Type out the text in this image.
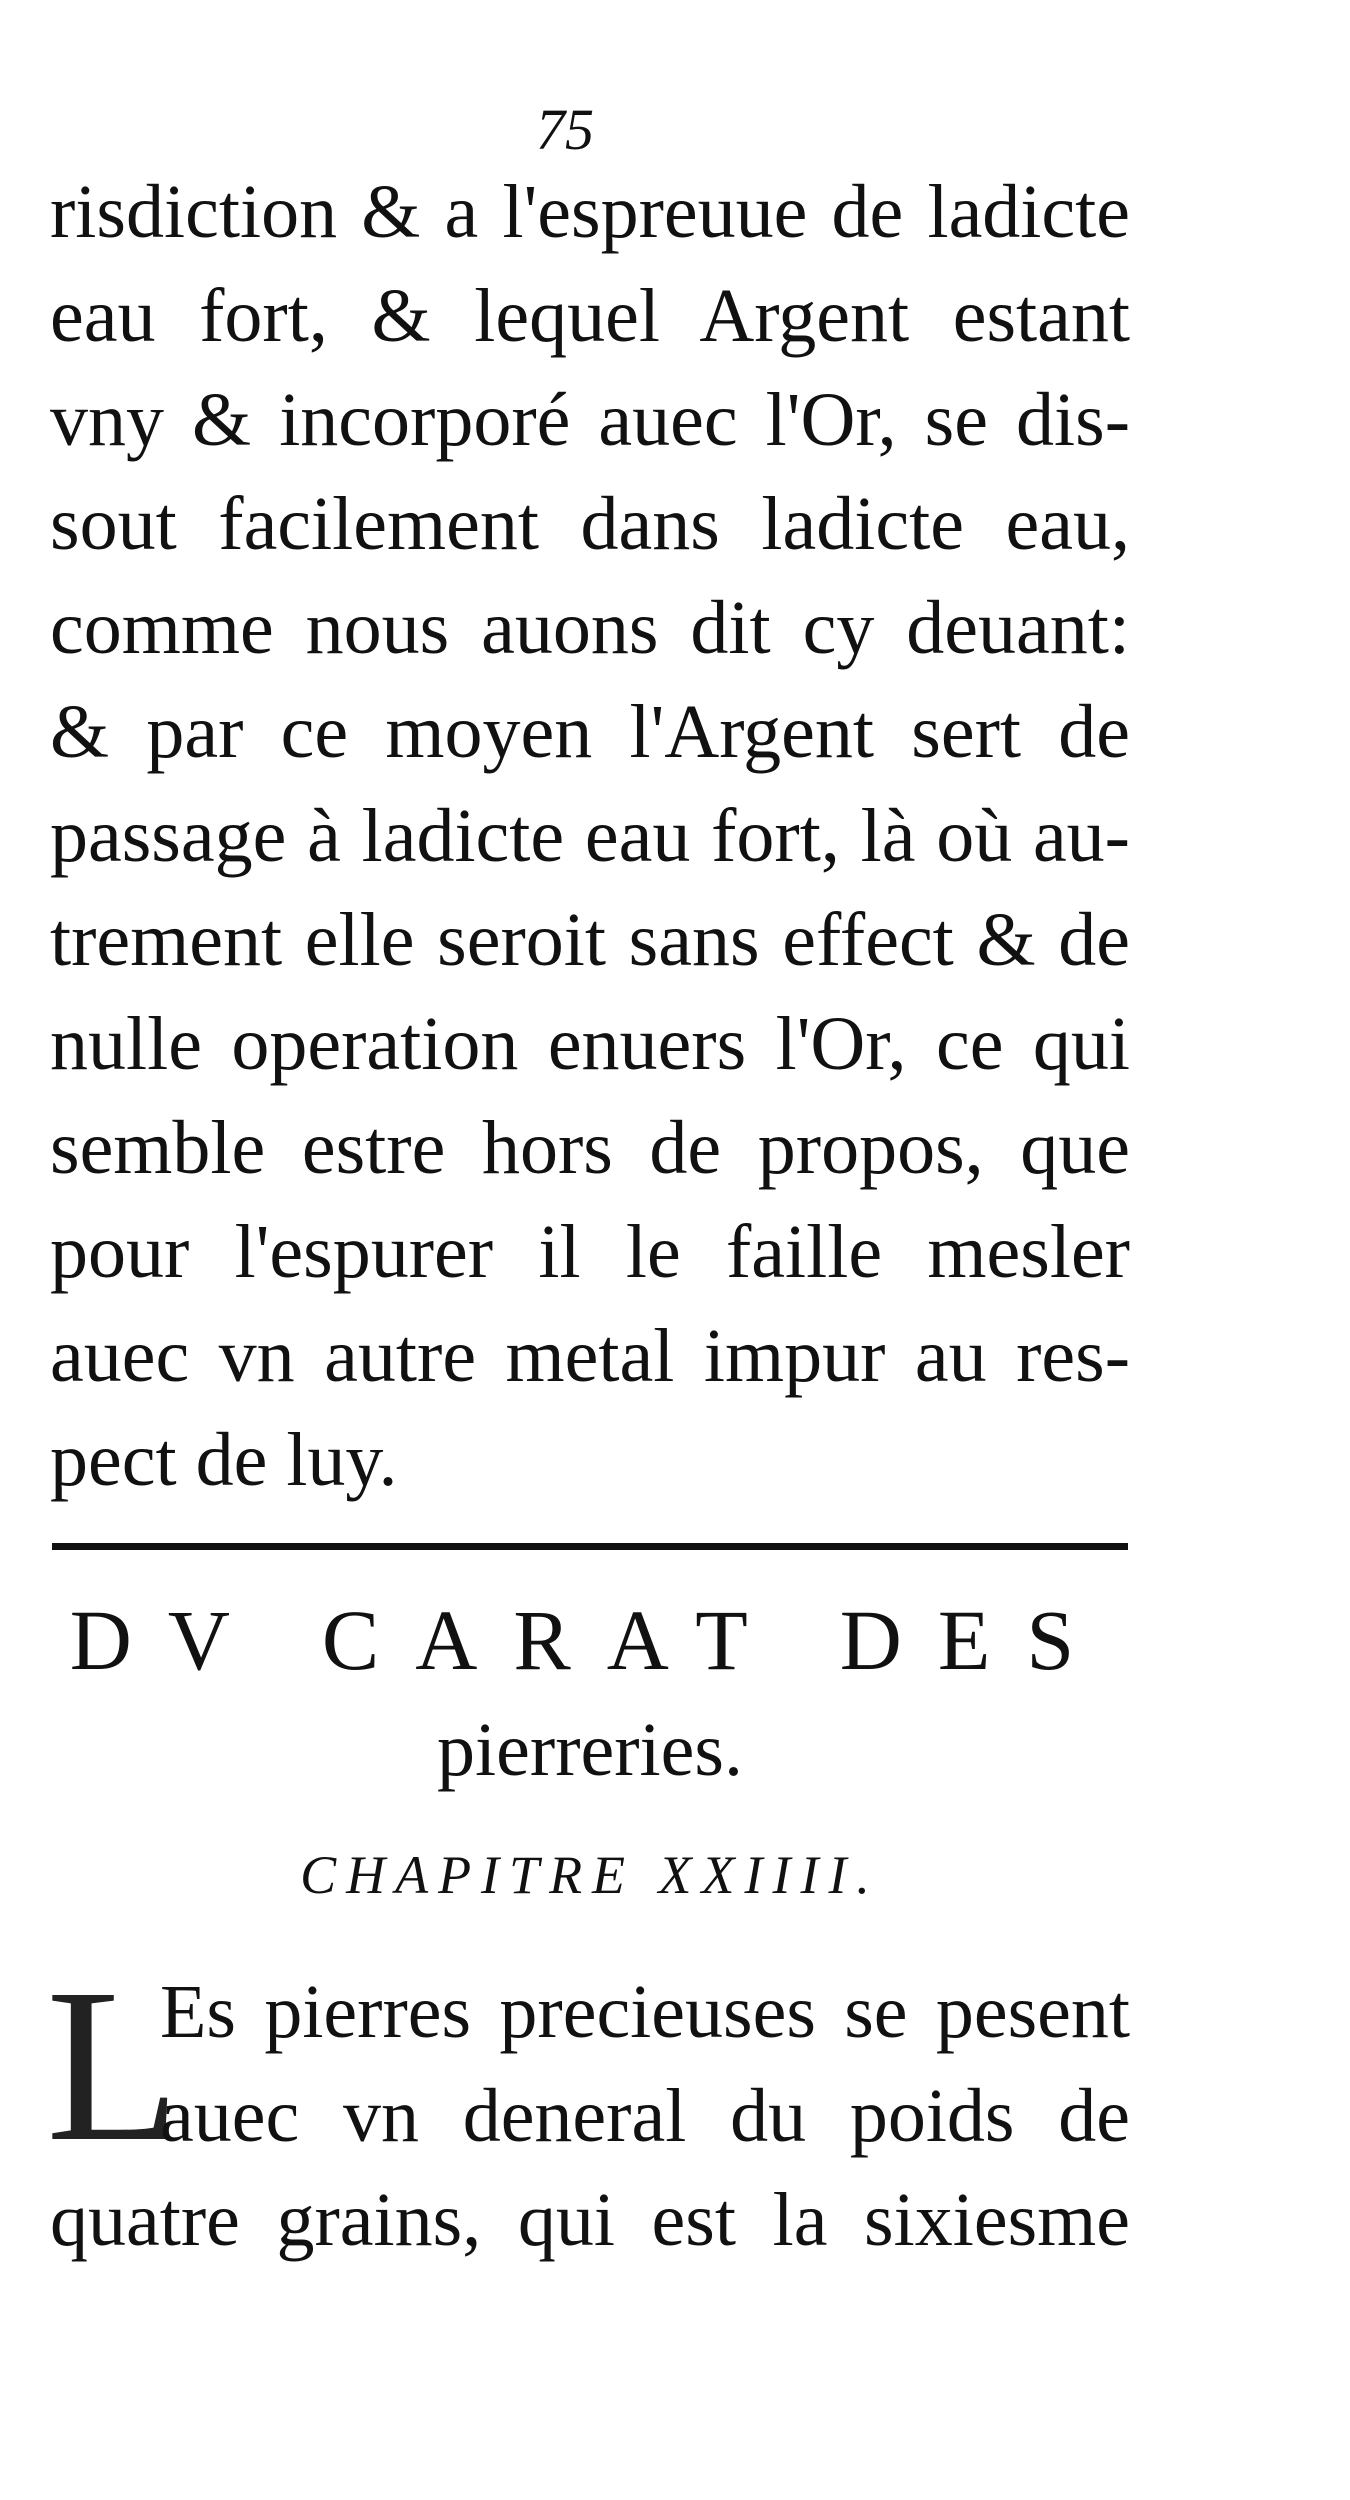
75
risdiction & a l'espreuue de ladicte
eau fort, & lequel Argent estant
vny & incorporé auec l'Or, se dis-
sout facilement dans ladicte eau,
comme nous auons dit cy deuant:
& par ce moyen l'Argent sert de
passage à ladicte eau fort, là où au-
trement elle seroit sans effect & de
nulle operation enuers l'Or, ce qui
semble estre hors de propos, que
pour l'espurer il le faille mesler
auec vn autre metal impur au res-
pect de luy.
DV CARAT DES
pierreries.
CHAPITRE XXIIII.
L
Es pierres precieuses se pesent
auec vn deneral du poids de
quatre grains, qui est la sixiesme
